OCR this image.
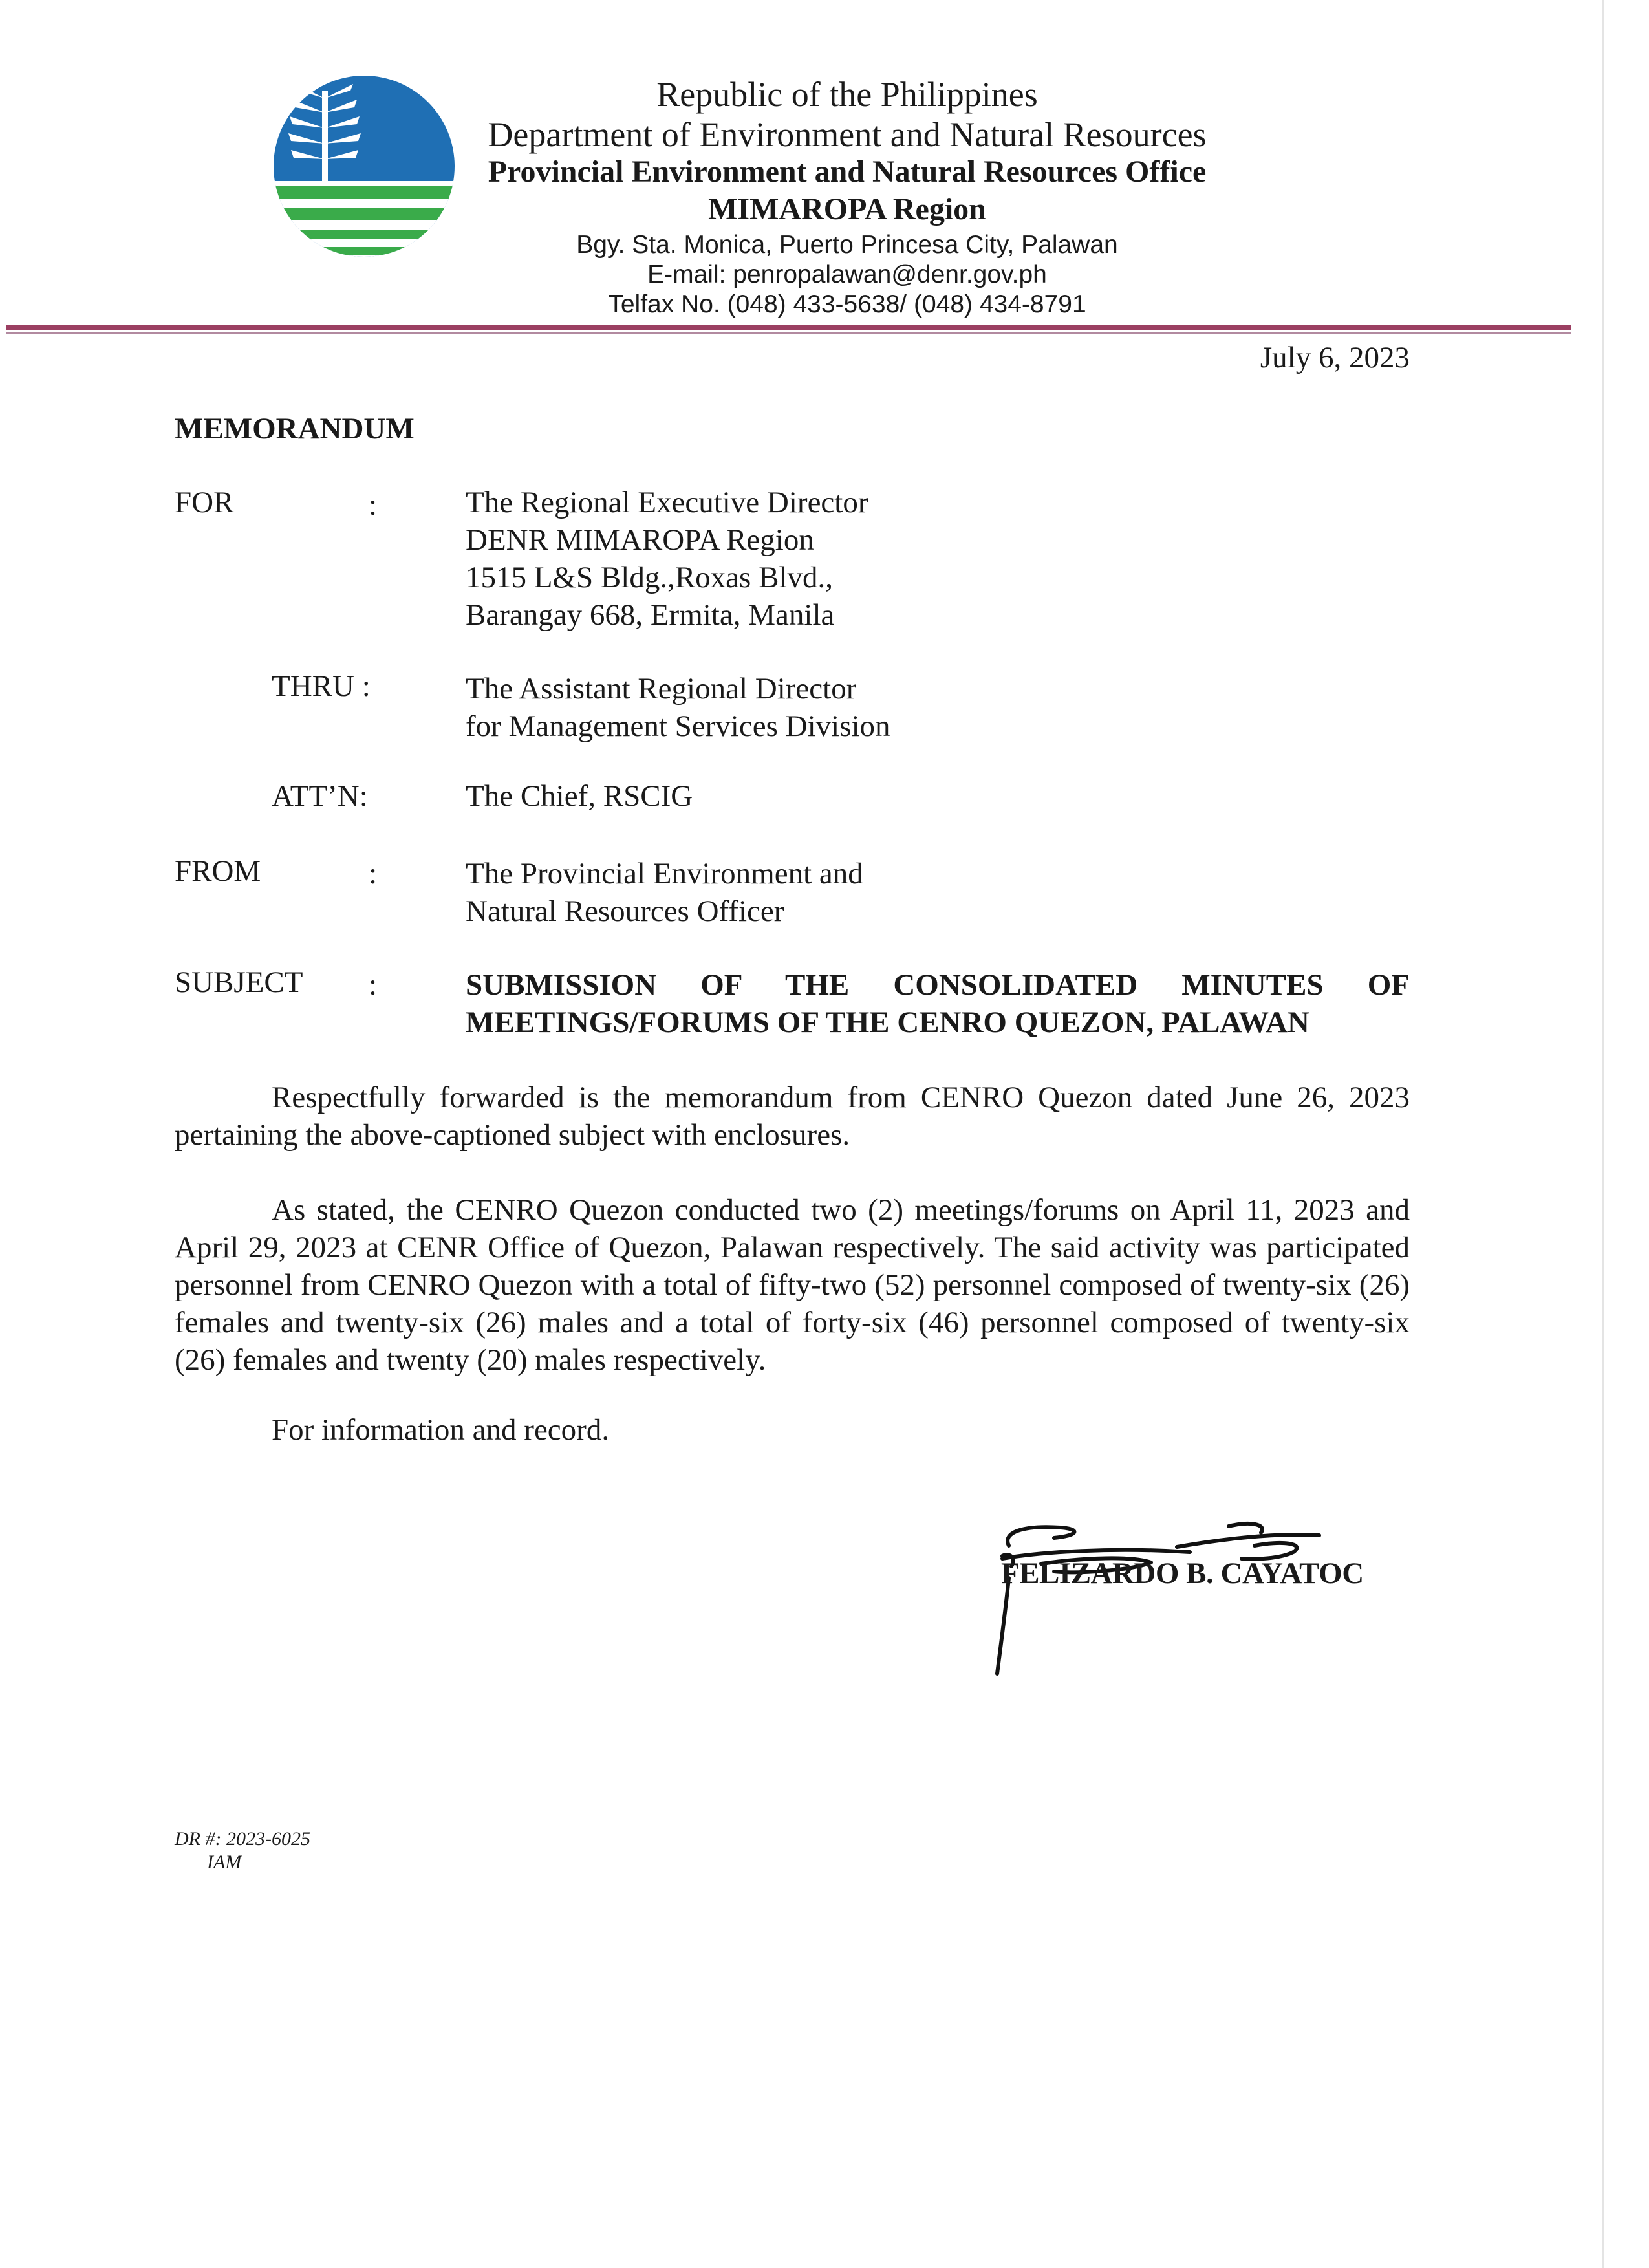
Republic of the Philippines
Department of Environment and Natural Resources
Provincial Environment and Natural Resources Office
MIMAROPA Region
Bgy. Sta. Monica, Puerto Princesa City, Palawan
E-mail: penropalawan@denr.gov.ph
Telfax No. (048) 433-5638/ (048) 434-8791
July 6, 2023
MEMORANDUM
FOR	:	The Regional Executive Director
DENR MIMAROPA Region
1515 L&S Bldg.,Roxas Blvd.,
Barangay 668, Ermita, Manila
THRU :	The Assistant Regional Director
for Management Services Division
ATT’N:	The Chief, RSCIG
FROM	:	The Provincial Environment and
Natural Resources Officer
SUBJECT :	SUBMISSION OF THE CONSOLIDATED MINUTES OF
MEETINGS/FORUMS OF THE CENRO QUEZON, PALAWAN
Respectfully forwarded is the memorandum from CENRO Quezon dated June 26, 2023 pertaining the above-captioned subject with enclosures.
As stated, the CENRO Quezon conducted two (2) meetings/forums on April 11, 2023 and April 29, 2023 at CENR Office of Quezon, Palawan respectively. The said activity was participated personnel from CENRO Quezon with a total of fifty-two (52) personnel composed of twenty-six (26) females and twenty-six (26) males and a total of forty-six (46) personnel composed of twenty-six (26) females and twenty (20) males respectively.
For information and record.
FELIZARDO B. CAYATOC
DR #: 2023-6025
IAM
